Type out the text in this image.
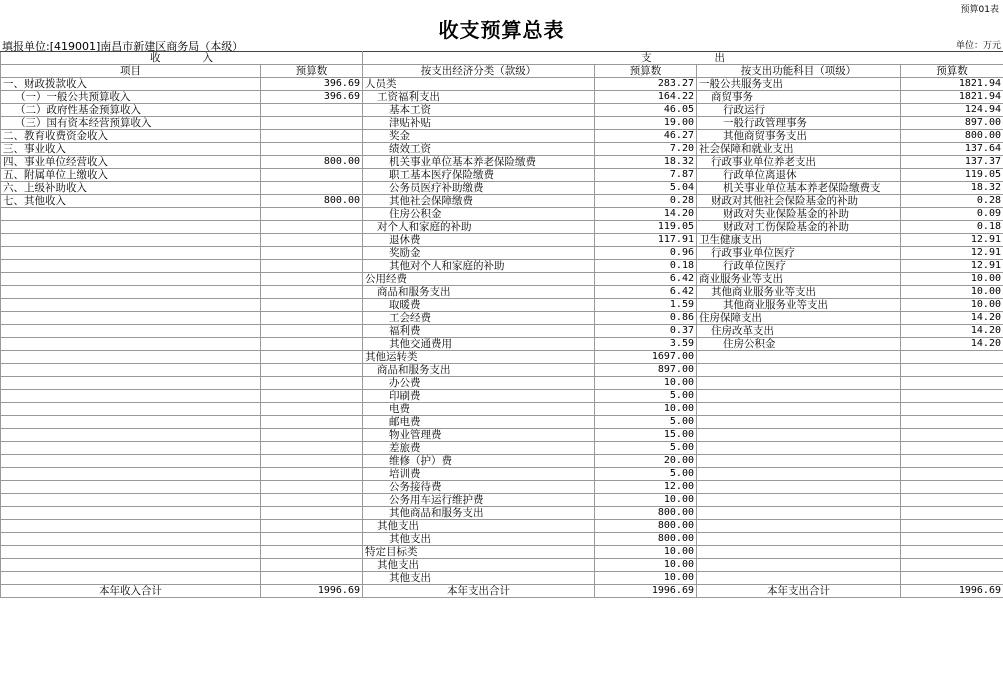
预算01表
收支预算总表
填报单位:[419001]南昌市新建区商务局（本级）	单位：万元
收　　　　入		支　　　　　　出			
项目	预算数	按支出经济分类（款级）	预算数	按支出功能科目（项级）	预算数
一、财政拨款收入	396.69	人员类	283.27	一般公共服务支出	1821.94
（一）一般公共预算收入	396.69	工资福利支出	164.22	商贸事务	1821.94
（二）政府性基金预算收入		基本工资	46.05	行政运行	124.94
（三）国有资本经营预算收入		津贴补贴	19.00	一般行政管理事务	897.00
二、教育收费资金收入		奖金	46.27	其他商贸事务支出	800.00
三、事业收入		绩效工资	7.20	社会保障和就业支出	137.64
四、事业单位经营收入	800.00	机关事业单位基本养老保险缴费	18.32	行政事业单位养老支出	137.37
五、附属单位上缴收入		职工基本医疗保险缴费	7.87	行政单位离退休	119.05
六、上级补助收入		公务员医疗补助缴费	5.04	机关事业单位基本养老保险缴费支	18.32
七、其他收入	800.00	其他社会保障缴费	0.28	财政对其他社会保险基金的补助	0.28
		住房公积金	14.20	财政对失业保险基金的补助	0.09
		对个人和家庭的补助	119.05	财政对工伤保险基金的补助	0.18
		退休费	117.91	卫生健康支出	12.91
		奖励金	0.96	行政事业单位医疗	12.91
		其他对个人和家庭的补助	0.18	行政单位医疗	12.91
		公用经费	6.42	商业服务业等支出	10.00
		商品和服务支出	6.42	其他商业服务业等支出	10.00
		取暖费	1.59	其他商业服务业等支出	10.00
		工会经费	0.86	住房保障支出	14.20
		福利费	0.37	住房改革支出	14.20
		其他交通费用	3.59	住房公积金	14.20
		其他运转类	1697.00		
		商品和服务支出	897.00		
		办公费	10.00		
		印刷费	5.00		
		电费	10.00		
		邮电费	5.00		
		物业管理费	15.00		
		差旅费	5.00		
		维修（护）费	20.00		
		培训费	5.00		
		公务接待费	12.00		
		公务用车运行维护费	10.00		
		其他商品和服务支出	800.00		
		其他支出	800.00		
		其他支出	800.00		
		特定目标类	10.00		
		其他支出	10.00		
		其他支出	10.00		
本年收入合计	1996.69	本年支出合计	1996.69	本年支出合计	1996.69
